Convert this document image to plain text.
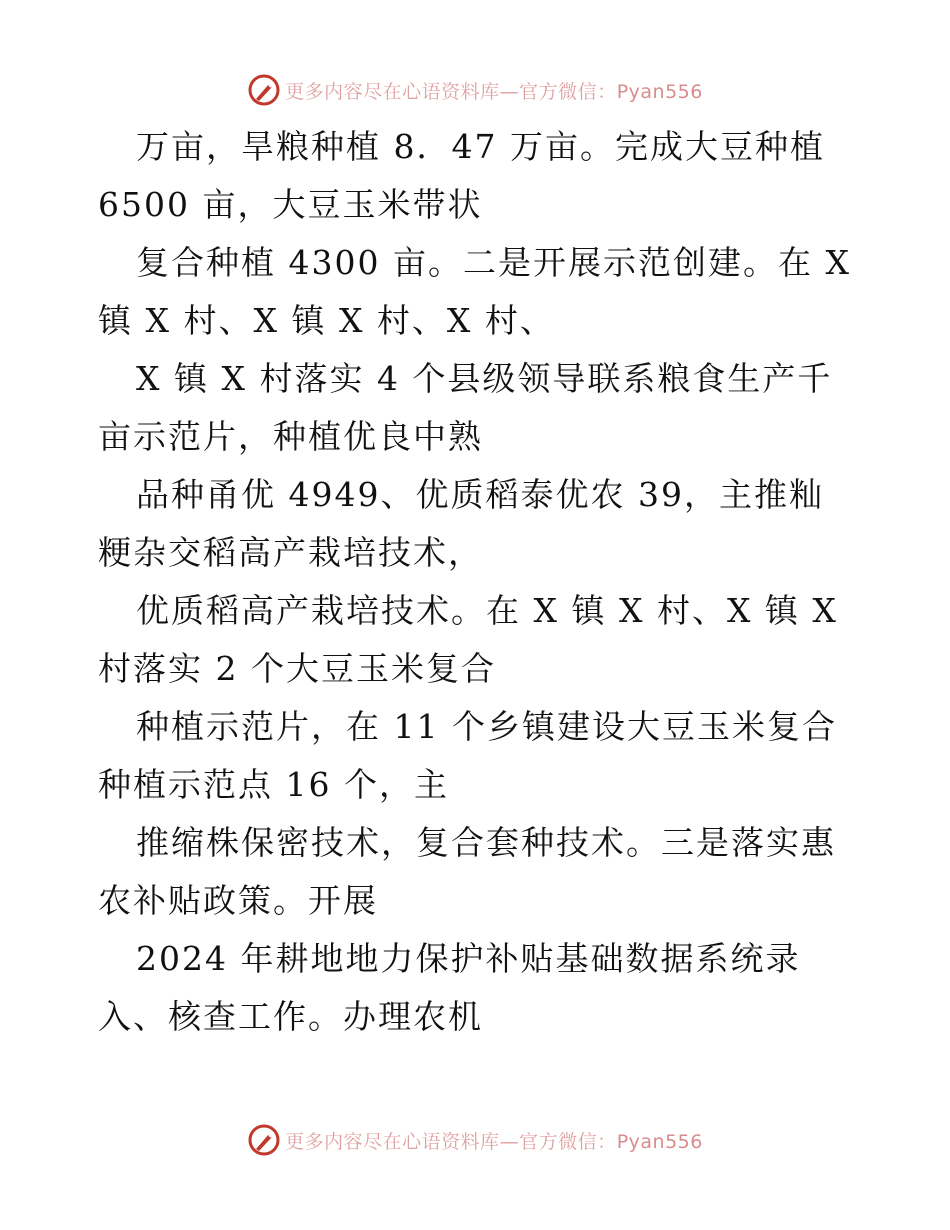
更多内容尽在心语资料库—官方微信：Pyan556

万亩，旱粮种植 8．47 万亩。完成大豆种植 6500 亩，大豆玉米带状

复合种植 4300 亩。二是开展示范创建。在 X 镇 X 村、X 镇 X 村、X 村、

X 镇 X 村落实 4 个县级领导联系粮食生产千亩示范片，种植优良中熟

品种甬优 4949、优质稻泰优农 39，主推籼粳杂交稻高产栽培技术，

优质稻高产栽培技术。在 X 镇 X 村、X 镇 X 村落实 2 个大豆玉米复合

种植示范片，在 11 个乡镇建设大豆玉米复合种植示范点 16 个，主

推缩株保密技术，复合套种技术。三是落实惠农补贴政策。开展

2024 年耕地地力保护补贴基础数据系统录入、核查工作。办理农机

更多内容尽在心语资料库—官方微信：Pyan556
